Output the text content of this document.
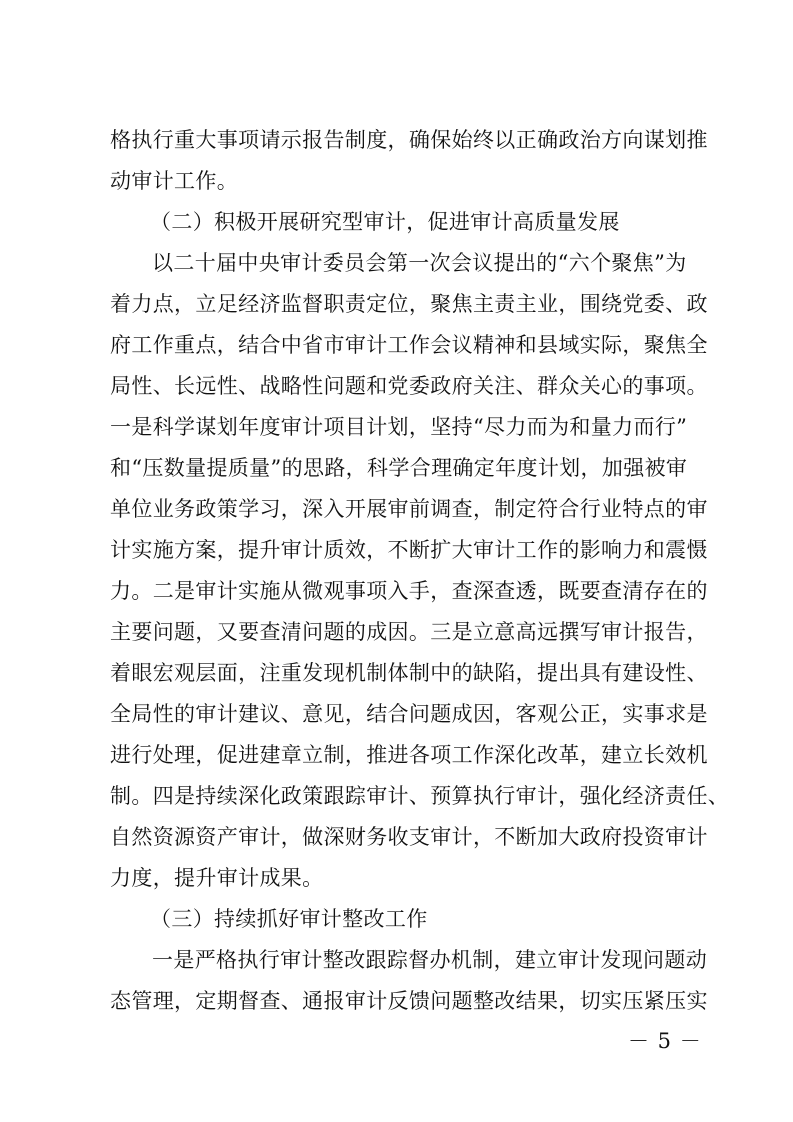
格执行重大事项请示报告制度，确保始终以正确政治方向谋划推
动审计工作。
（二）积极开展研究型审计，促进审计高质量发展
以二十届中央审计委员会第一次会议提出的“六个聚焦”为
着力点，立足经济监督职责定位，聚焦主责主业，围绕党委、政
府工作重点，结合中省市审计工作会议精神和县域实际，聚焦全
局性、长远性、战略性问题和党委政府关注、群众关心的事项。
一是科学谋划年度审计项目计划，坚持“尽力而为和量力而行”
和“压数量提质量”的思路，科学合理确定年度计划，加强被审
单位业务政策学习，深入开展审前调查，制定符合行业特点的审
计实施方案，提升审计质效，不断扩大审计工作的影响力和震慑
力。二是审计实施从微观事项入手，查深查透，既要查清存在的
主要问题，又要查清问题的成因。三是立意高远撰写审计报告，
着眼宏观层面，注重发现机制体制中的缺陷，提出具有建设性、
全局性的审计建议、意见，结合问题成因，客观公正，实事求是
进行处理，促进建章立制，推进各项工作深化改革，建立长效机
制。四是持续深化政策跟踪审计、预算执行审计，强化经济责任、
自然资源资产审计，做深财务收支审计，不断加大政府投资审计
力度，提升审计成果。
（三）持续抓好审计整改工作
一是严格执行审计整改跟踪督办机制，建立审计发现问题动
态管理，定期督查、通报审计反馈问题整改结果，切实压紧压实
－ 5 －
